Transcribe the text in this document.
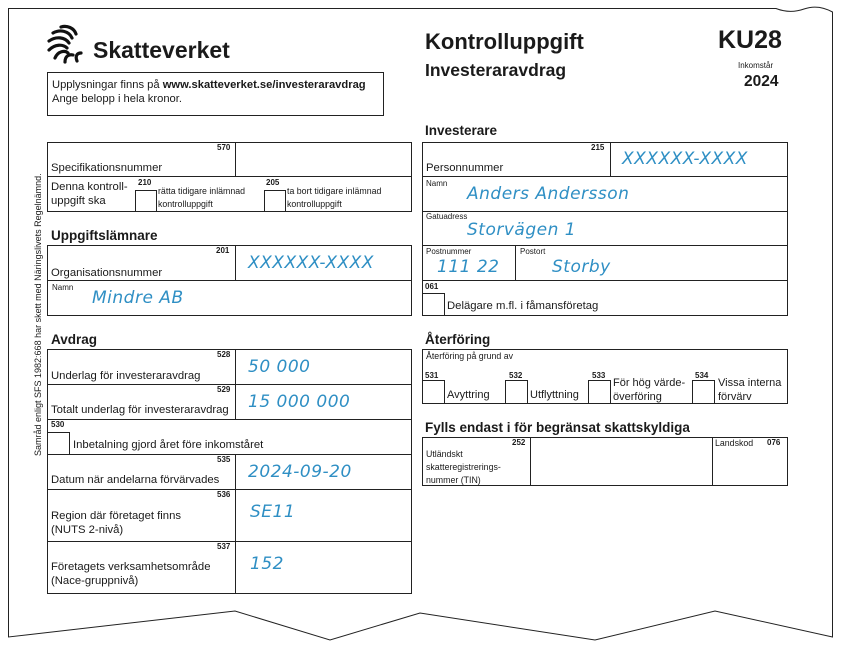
Skatteverket
Upplysningar finns på www.skatteverket.se/investeraravdrag
Ange belopp i hela kronor.
Kontrolluppgift
Investeraravdrag
KU28
Inkomstår
2024
Samråd enligt SFS 1982:668 har skett med Näringslivets Regelnämnd.
570
Specifikationsnummer
Denna kontroll-
uppgift ska
210
rätta tidigare inlämnad
kontrolluppgift
205
ta bort tidigare inlämnad
kontrolluppgift
Uppgiftslämnare
201
Organisationsnummer
XXXXXX-XXXX
Namn Mindre AB
Avdrag
528
Underlag för investeraravdrag	50 000
529
Totalt underlag för investeraravdrag 15 000 000
530
Inbetalning gjord året före inkomståret
535
Datum när andelarna förvärvades 2024-09-20
536
Region där företaget finns
(NUTS 2-nivå)
SE11
537
Företagets verksamhetsområde
(Nace-gruppnivå)
152
Investerare
215
Personnummer	XXXXXX-XXXX
Namn Anders Andersson
Gatuadress
Storvägen 1
Postnummer	Postort
111 22	Storby
061
Delägare m.fl. i fåmansföretag
Återföring
Återföring på grund av
531
Avyttring
532
Utflyttning
533
För hög värde-
överföring
534
Vissa interna
förvärv
Fylls endast i för begränsat skattskyldiga
252
Utländskt
skatteregistrerings-
nummer (TIN)
Landskod 076
